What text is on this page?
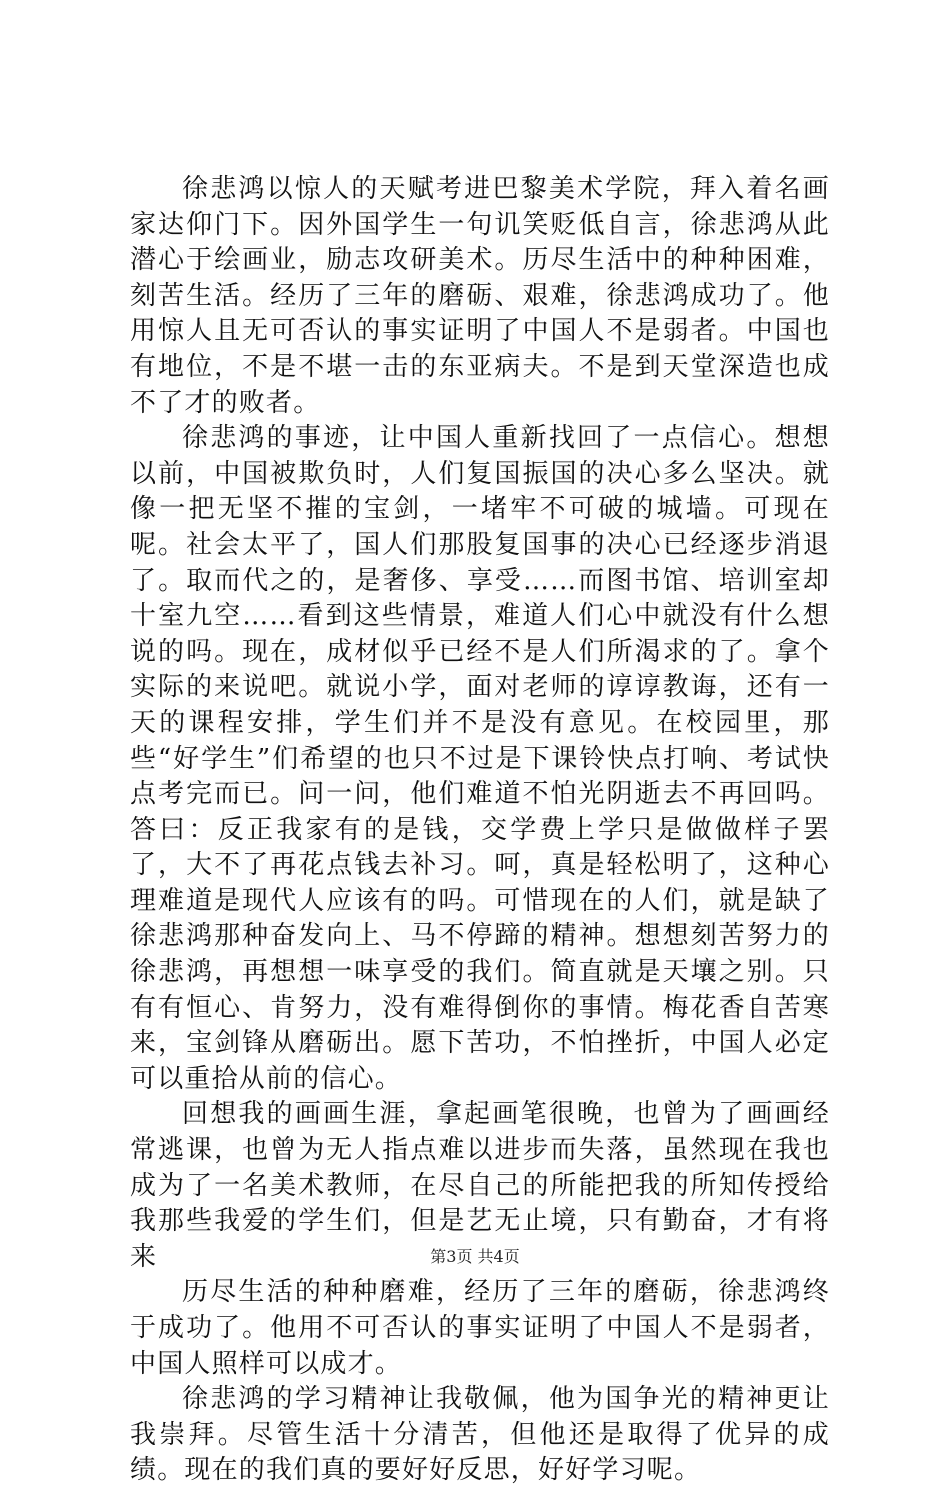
徐悲鸿以惊人的天赋考进巴黎美术学院，拜入着名画家达仰门下。因外国学生一句讥笑贬低自言，徐悲鸿从此潜心于绘画业，励志攻研美术。历尽生活中的种种困难，刻苦生活。经历了三年的磨砺、艰难，徐悲鸿成功了。他用惊人且无可否认的事实证明了中国人不是弱者。中国也有地位，不是不堪一击的东亚病夫。不是到天堂深造也成不了才的败者。

徐悲鸿的事迹，让中国人重新找回了一点信心。想想以前，中国被欺负时，人们复国振国的决心多么坚决。就像一把无坚不摧的宝剑，一堵牢不可破的城墙。可现在呢。社会太平了，国人们那股复国事的决心已经逐步消退了。取而代之的，是奢侈、享受……而图书馆、培训室却十室九空……看到这些情景，难道人们心中就没有什么想说的吗。现在，成材似乎已经不是人们所渴求的了。拿个实际的来说吧。就说小学，面对老师的谆谆教诲，还有一天的课程安排，学生们并不是没有意见。在校园里，那些“好学生”们希望的也只不过是下课铃快点打响、考试快点考完而已。问一问，他们难道不怕光阴逝去不再回吗。答曰：反正我家有的是钱，交学费上学只是做做样子罢了，大不了再花点钱去补习。呵，真是轻松明了，这种心理难道是现代人应该有的吗。可惜现在的人们，就是缺了徐悲鸿那种奋发向上、马不停蹄的精神。想想刻苦努力的徐悲鸿，再想想一味享受的我们。简直就是天壤之别。只有有恒心、肯努力，没有难得倒你的事情。梅花香自苦寒来，宝剑锋从磨砺出。愿下苦功，不怕挫折，中国人必定可以重拾从前的信心。

回想我的画画生涯，拿起画笔很晚，也曾为了画画经常逃课，也曾为无人指点难以进步而失落，虽然现在我也成为了一名美术教师，在尽自己的所能把我的所知传授给我那些我爱的学生们，但是艺无止境，只有勤奋，才有将来

历尽生活的种种磨难，经历了三年的磨砺，徐悲鸿终于成功了。他用不可否认的事实证明了中国人不是弱者，中国人照样可以成才。

徐悲鸿的学习精神让我敬佩，他为国争光的精神更让我崇拜。尽管生活十分清苦，但他还是取得了优异的成绩。现在的我们真的要好好反思，好好学习呢。

第3页 共4页
